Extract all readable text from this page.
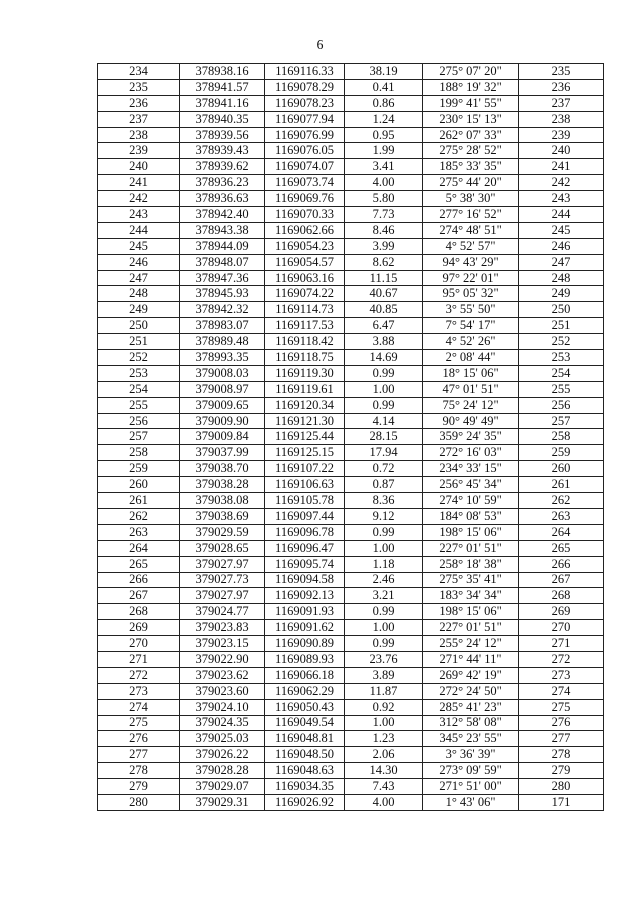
6
234	378938.16	1169116.33	38.19	275° 07' 20"	235
235	378941.57	1169078.29	0.41	188° 19' 32"	236
236	378941.16	1169078.23	0.86	199° 41' 55"	237
237	378940.35	1169077.94	1.24	230° 15' 13"	238
238	378939.56	1169076.99	0.95	262° 07' 33"	239
239	378939.43	1169076.05	1.99	275° 28' 52"	240
240	378939.62	1169074.07	3.41	185° 33' 35"	241
241	378936.23	1169073.74	4.00	275° 44' 20"	242
242	378936.63	1169069.76	5.80	5° 38' 30"	243
243	378942.40	1169070.33	7.73	277° 16' 52"	244
244	378943.38	1169062.66	8.46	274° 48' 51"	245
245	378944.09	1169054.23	3.99	4° 52' 57"	246
246	378948.07	1169054.57	8.62	94° 43' 29"	247
247	378947.36	1169063.16	11.15	97° 22' 01"	248
248	378945.93	1169074.22	40.67	95° 05' 32"	249
249	378942.32	1169114.73	40.85	3° 55' 50"	250
250	378983.07	1169117.53	6.47	7° 54' 17"	251
251	378989.48	1169118.42	3.88	4° 52' 26"	252
252	378993.35	1169118.75	14.69	2° 08' 44"	253
253	379008.03	1169119.30	0.99	18° 15' 06"	254
254	379008.97	1169119.61	1.00	47° 01' 51"	255
255	379009.65	1169120.34	0.99	75° 24' 12"	256
256	379009.90	1169121.30	4.14	90° 49' 49"	257
257	379009.84	1169125.44	28.15	359° 24' 35"	258
258	379037.99	1169125.15	17.94	272° 16' 03"	259
259	379038.70	1169107.22	0.72	234° 33' 15"	260
260	379038.28	1169106.63	0.87	256° 45' 34"	261
261	379038.08	1169105.78	8.36	274° 10' 59"	262
262	379038.69	1169097.44	9.12	184° 08' 53"	263
263	379029.59	1169096.78	0.99	198° 15' 06"	264
264	379028.65	1169096.47	1.00	227° 01' 51"	265
265	379027.97	1169095.74	1.18	258° 18' 38"	266
266	379027.73	1169094.58	2.46	275° 35' 41"	267
267	379027.97	1169092.13	3.21	183° 34' 34"	268
268	379024.77	1169091.93	0.99	198° 15' 06"	269
269	379023.83	1169091.62	1.00	227° 01' 51"	270
270	379023.15	1169090.89	0.99	255° 24' 12"	271
271	379022.90	1169089.93	23.76	271° 44' 11"	272
272	379023.62	1169066.18	3.89	269° 42' 19"	273
273	379023.60	1169062.29	11.87	272° 24' 50"	274
274	379024.10	1169050.43	0.92	285° 41' 23"	275
275	379024.35	1169049.54	1.00	312° 58' 08"	276
276	379025.03	1169048.81	1.23	345° 23' 55"	277
277	379026.22	1169048.50	2.06	3° 36' 39"	278
278	379028.28	1169048.63	14.30	273° 09' 59"	279
279	379029.07	1169034.35	7.43	271° 51' 00"	280
280	379029.31	1169026.92	4.00	1° 43' 06"	171
